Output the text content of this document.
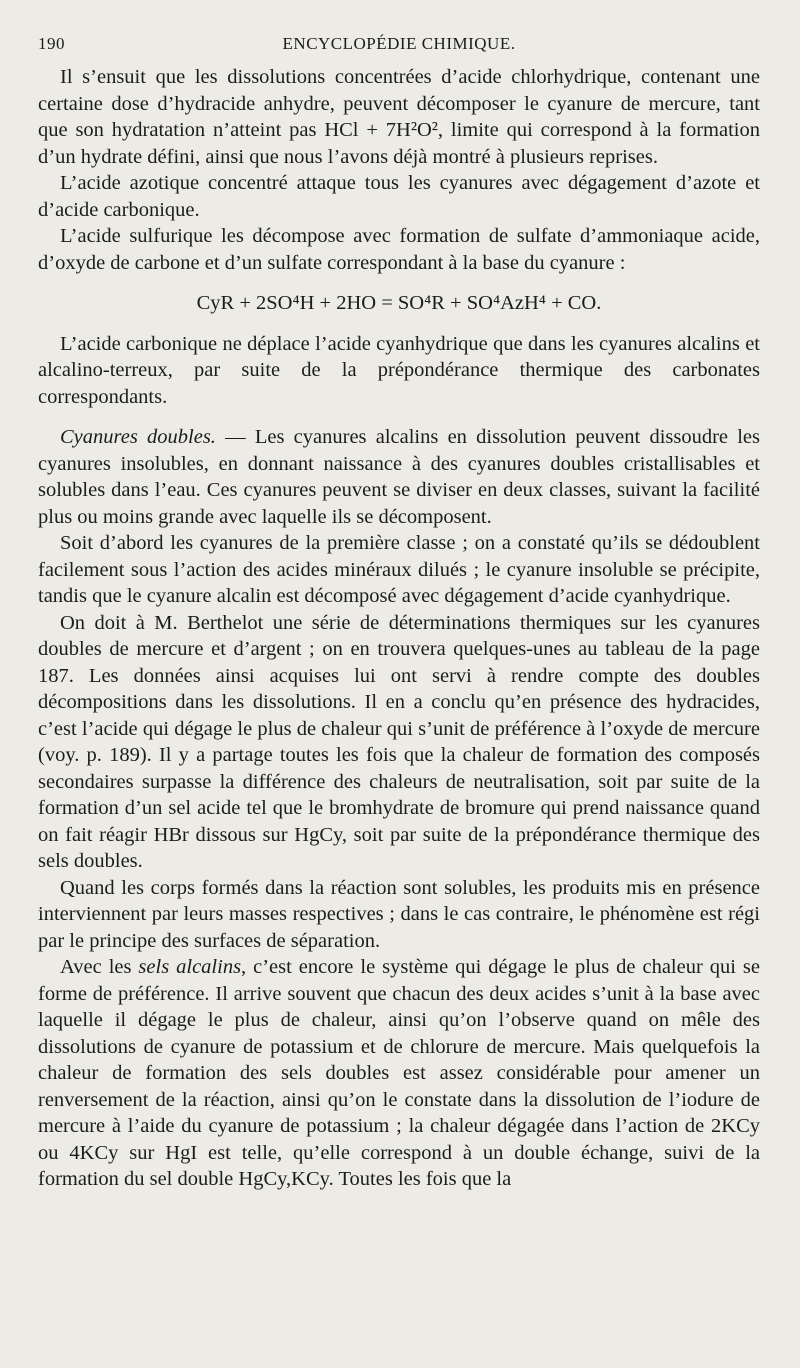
190	ENCYCLOPÉDIE CHIMIQUE.

Il s’ensuit que les dissolutions concentrées d’acide chlorhydrique, contenant une certaine dose d’hydracide anhydre, peuvent décomposer le cyanure de mercure, tant que son hydratation n’atteint pas HCl + 7H²O², limite qui correspond à la formation d’un hydrate défini, ainsi que nous l’avons déjà montré à plusieurs reprises.

L’acide azotique concentré attaque tous les cyanures avec dégagement d’azote et d’acide carbonique.

L’acide sulfurique les décompose avec formation de sulfate d’ammoniaque acide, d’oxyde de carbone et d’un sulfate correspondant à la base du cyanure :

CyR + 2SO⁴H + 2HO = SO⁴R + SO⁴AzH⁴ + CO.

L’acide carbonique ne déplace l’acide cyanhydrique que dans les cyanures alcalins et alcalino-terreux, par suite de la prépondérance thermique des carbonates correspondants.

Cyanures doubles. — Les cyanures alcalins en dissolution peuvent dissoudre les cyanures insolubles, en donnant naissance à des cyanures doubles cristallisables et solubles dans l’eau. Ces cyanures peuvent se diviser en deux classes, suivant la facilité plus ou moins grande avec laquelle ils se décomposent.

Soit d’abord les cyanures de la première classe ; on a constaté qu’ils se dédoublent facilement sous l’action des acides minéraux dilués ; le cyanure insoluble se précipite, tandis que le cyanure alcalin est décomposé avec dégagement d’acide cyanhydrique.

On doit à M. Berthelot une série de déterminations thermiques sur les cyanures doubles de mercure et d’argent ; on en trouvera quelques-unes au tableau de la page 187. Les données ainsi acquises lui ont servi à rendre compte des doubles décompositions dans les dissolutions. Il en a conclu qu’en présence des hydracides, c’est l’acide qui dégage le plus de chaleur qui s’unit de préférence à l’oxyde de mercure (voy. p. 189). Il y a partage toutes les fois que la chaleur de formation des composés secondaires surpasse la différence des chaleurs de neutralisation, soit par suite de la formation d’un sel acide tel que le bromhydrate de bromure qui prend naissance quand on fait réagir HBr dissous sur HgCy, soit par suite de la prépondérance thermique des sels doubles.

Quand les corps formés dans la réaction sont solubles, les produits mis en présence interviennent par leurs masses respectives ; dans le cas contraire, le phénomène est régi par le principe des surfaces de séparation.

Avec les sels alcalins, c’est encore le système qui dégage le plus de chaleur qui se forme de préférence. Il arrive souvent que chacun des deux acides s’unit à la base avec laquelle il dégage le plus de chaleur, ainsi qu’on l’observe quand on mêle des dissolutions de cyanure de potassium et de chlorure de mercure. Mais quelquefois la chaleur de formation des sels doubles est assez considérable pour amener un renversement de la réaction, ainsi qu’on le constate dans la dissolution de l’iodure de mercure à l’aide du cyanure de potassium ; la chaleur dégagée dans l’action de 2KCy ou 4KCy sur HgI est telle, qu’elle correspond à un double échange, suivi de la formation du sel double HgCy,KCy. Toutes les fois que la
